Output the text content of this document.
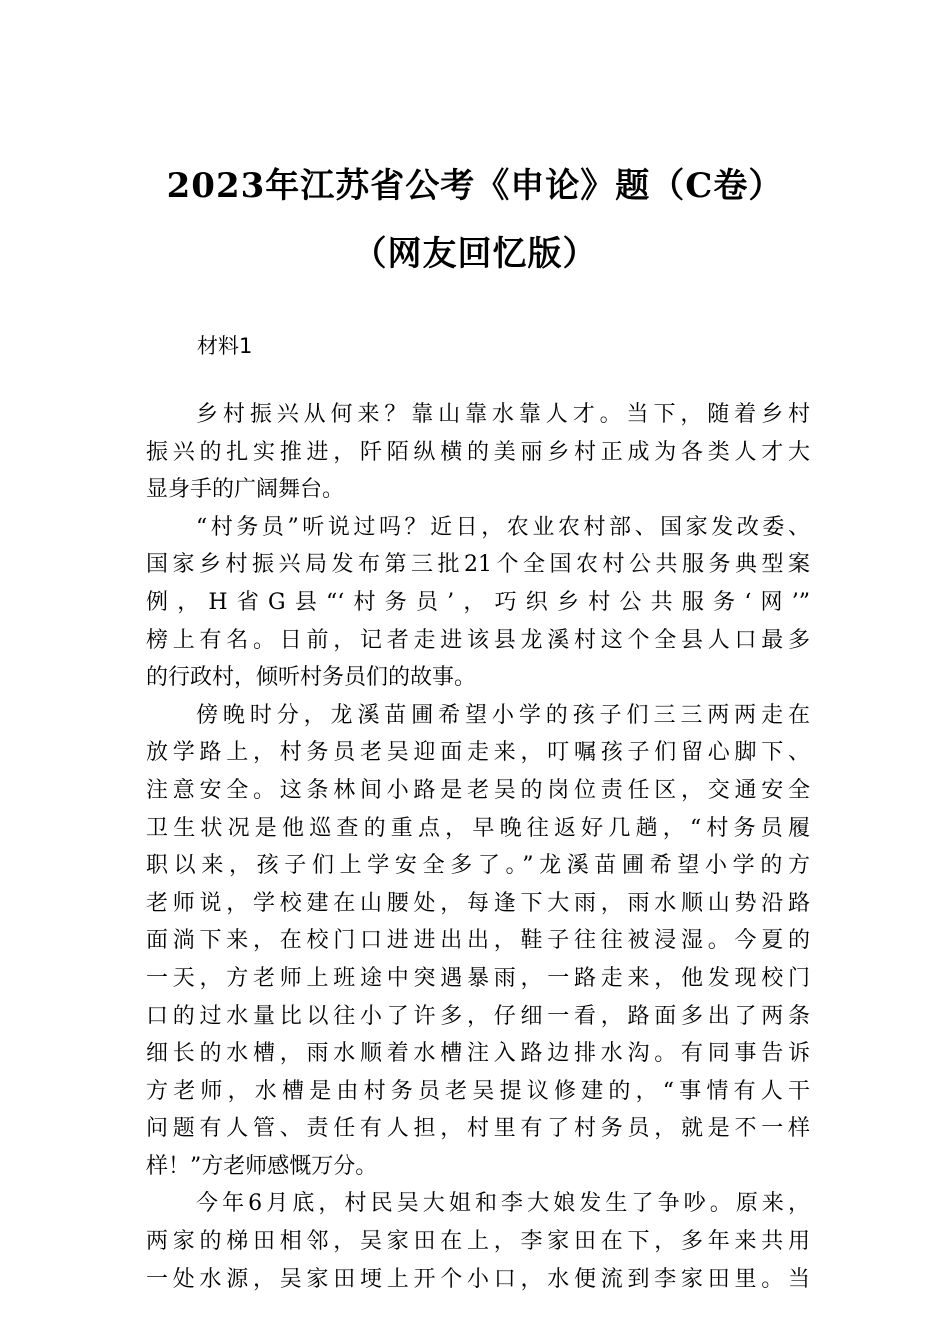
2023年江苏省公考《申论》题（C卷）
（网友回忆版）
材料1
乡村振兴从何来？靠山靠水靠人才。当下，随着乡村
振兴的扎实推进，阡陌纵横的美丽乡村正成为各类人才大
显身手的广阔舞台。
“村务员”听说过吗？近日，农业农村部、国家发改委、
国家乡村振兴局发布第三批21个全国农村公共服务典型案
例，H省G县“‘村务员’，巧织乡村公共服务‘网’”
榜上有名。日前，记者走进该县龙溪村这个全县人口最多
的行政村，倾听村务员们的故事。
傍晚时分，龙溪苗圃希望小学的孩子们三三两两走在
放学路上，村务员老吴迎面走来，叮嘱孩子们留心脚下、
注意安全。这条林间小路是老吴的岗位责任区，交通安全
卫生状况是他巡查的重点，早晚往返好几趟，“村务员履
职以来，孩子们上学安全多了。”龙溪苗圃希望小学的方
老师说，学校建在山腰处，每逢下大雨，雨水顺山势沿路
面淌下来，在校门口进进出出，鞋子往往被浸湿。今夏的
一天，方老师上班途中突遇暴雨，一路走来，他发现校门
口的过水量比以往小了许多，仔细一看，路面多出了两条
细长的水槽，雨水顺着水槽注入路边排水沟。有同事告诉
方老师，水槽是由村务员老吴提议修建的，“事情有人干
问题有人管、责任有人担，村里有了村务员，就是不一样
样！”方老师感慨万分。
今年6月底，村民吴大姐和李大娘发生了争吵。原来，
两家的梯田相邻，吴家田在上，李家田在下，多年来共用
一处水源，吴家田埂上开个小口，水便流到李家田里。当
